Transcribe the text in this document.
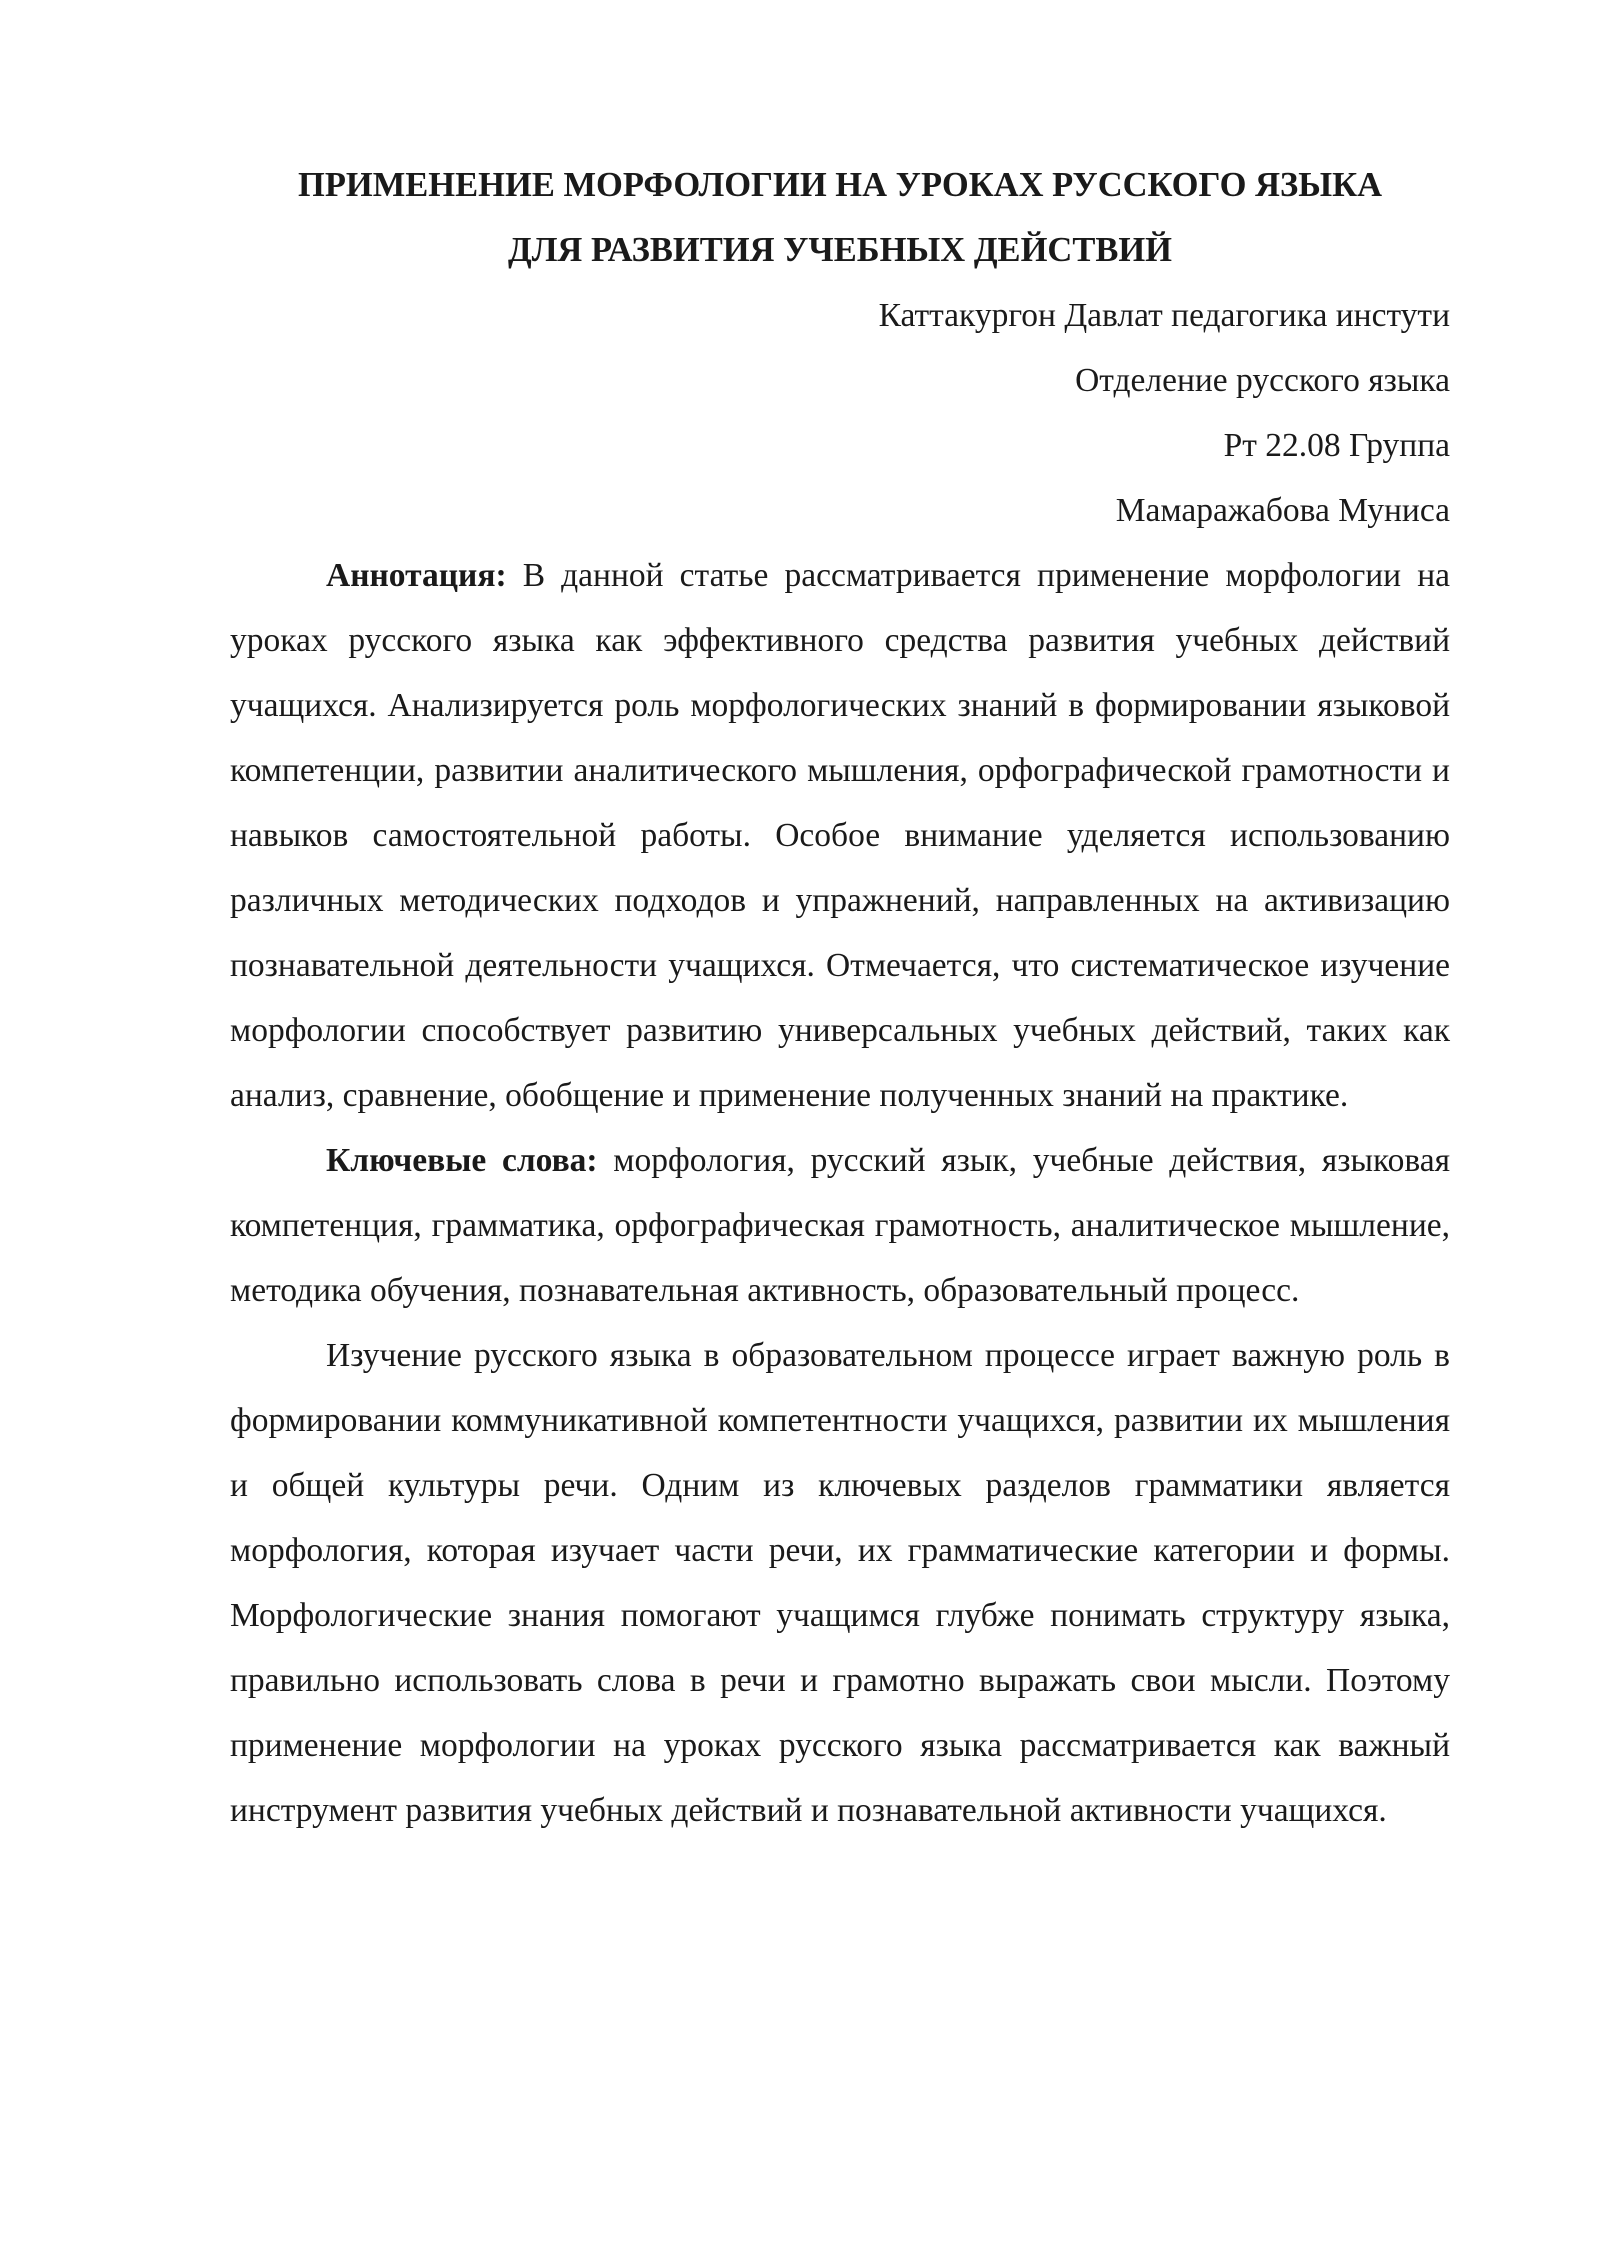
ПРИМЕНЕНИЕ МОРФОЛОГИИ НА УРОКАХ РУССКОГО ЯЗЫКА
ДЛЯ РАЗВИТИЯ УЧЕБНЫХ ДЕЙСТВИЙ
Каттакургон Давлат педагогика инстути
Отделение русского языка
Рт 22.08 Группа
Мамаражабова Муниса

Аннотация: В данной статье рассматривается применение морфологии на уроках русского языка как эффективного средства развития учебных действий учащихся. Анализируется роль морфологических знаний в формировании языковой компетенции, развитии аналитического мышления, орфографической грамотности и навыков самостоятельной работы. Особое внимание уделяется использованию различных методических подходов и упражнений, направленных на активизацию познавательной деятельности учащихся. Отмечается, что систематическое изучение морфологии способствует развитию универсальных учебных действий, таких как анализ, сравнение, обобщение и применение полученных знаний на практике.

Ключевые слова: морфология, русский язык, учебные действия, языковая компетенция, грамматика, орфографическая грамотность, аналитическое мышление, методика обучения, познавательная активность, образовательный процесс.

Изучение русского языка в образовательном процессе играет важную роль в формировании коммуникативной компетентности учащихся, развитии их мышления и общей культуры речи. Одним из ключевых разделов грамматики является морфология, которая изучает части речи, их грамматические категории и формы. Морфологические знания помогают учащимся глубже понимать структуру языка, правильно использовать слова в речи и грамотно выражать свои мысли. Поэтому применение морфологии на уроках русского языка рассматривается как важный инструмент развития учебных действий и познавательной активности учащихся.
